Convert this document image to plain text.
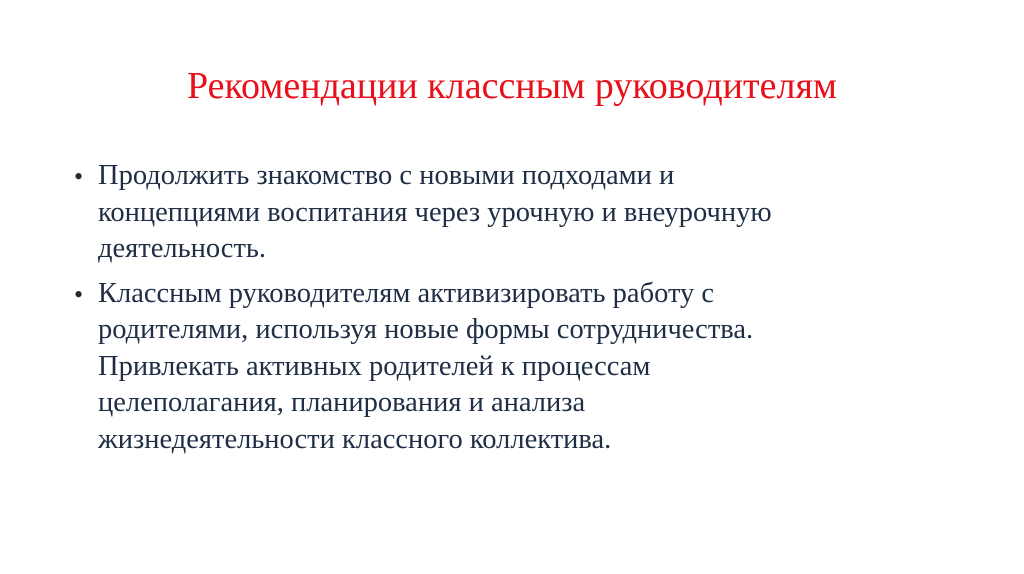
Рекомендации классным руководителям
• Продолжить знакомство с новыми подходами и
концепциями воспитания через урочную и внеурочную
деятельность.
• Классным руководителям активизировать работу с
родителями, используя новые формы сотрудничества.
Привлекать активных родителей к процессам
целеполагания, планирования и анализа
жизнедеятельности классного коллектива.
